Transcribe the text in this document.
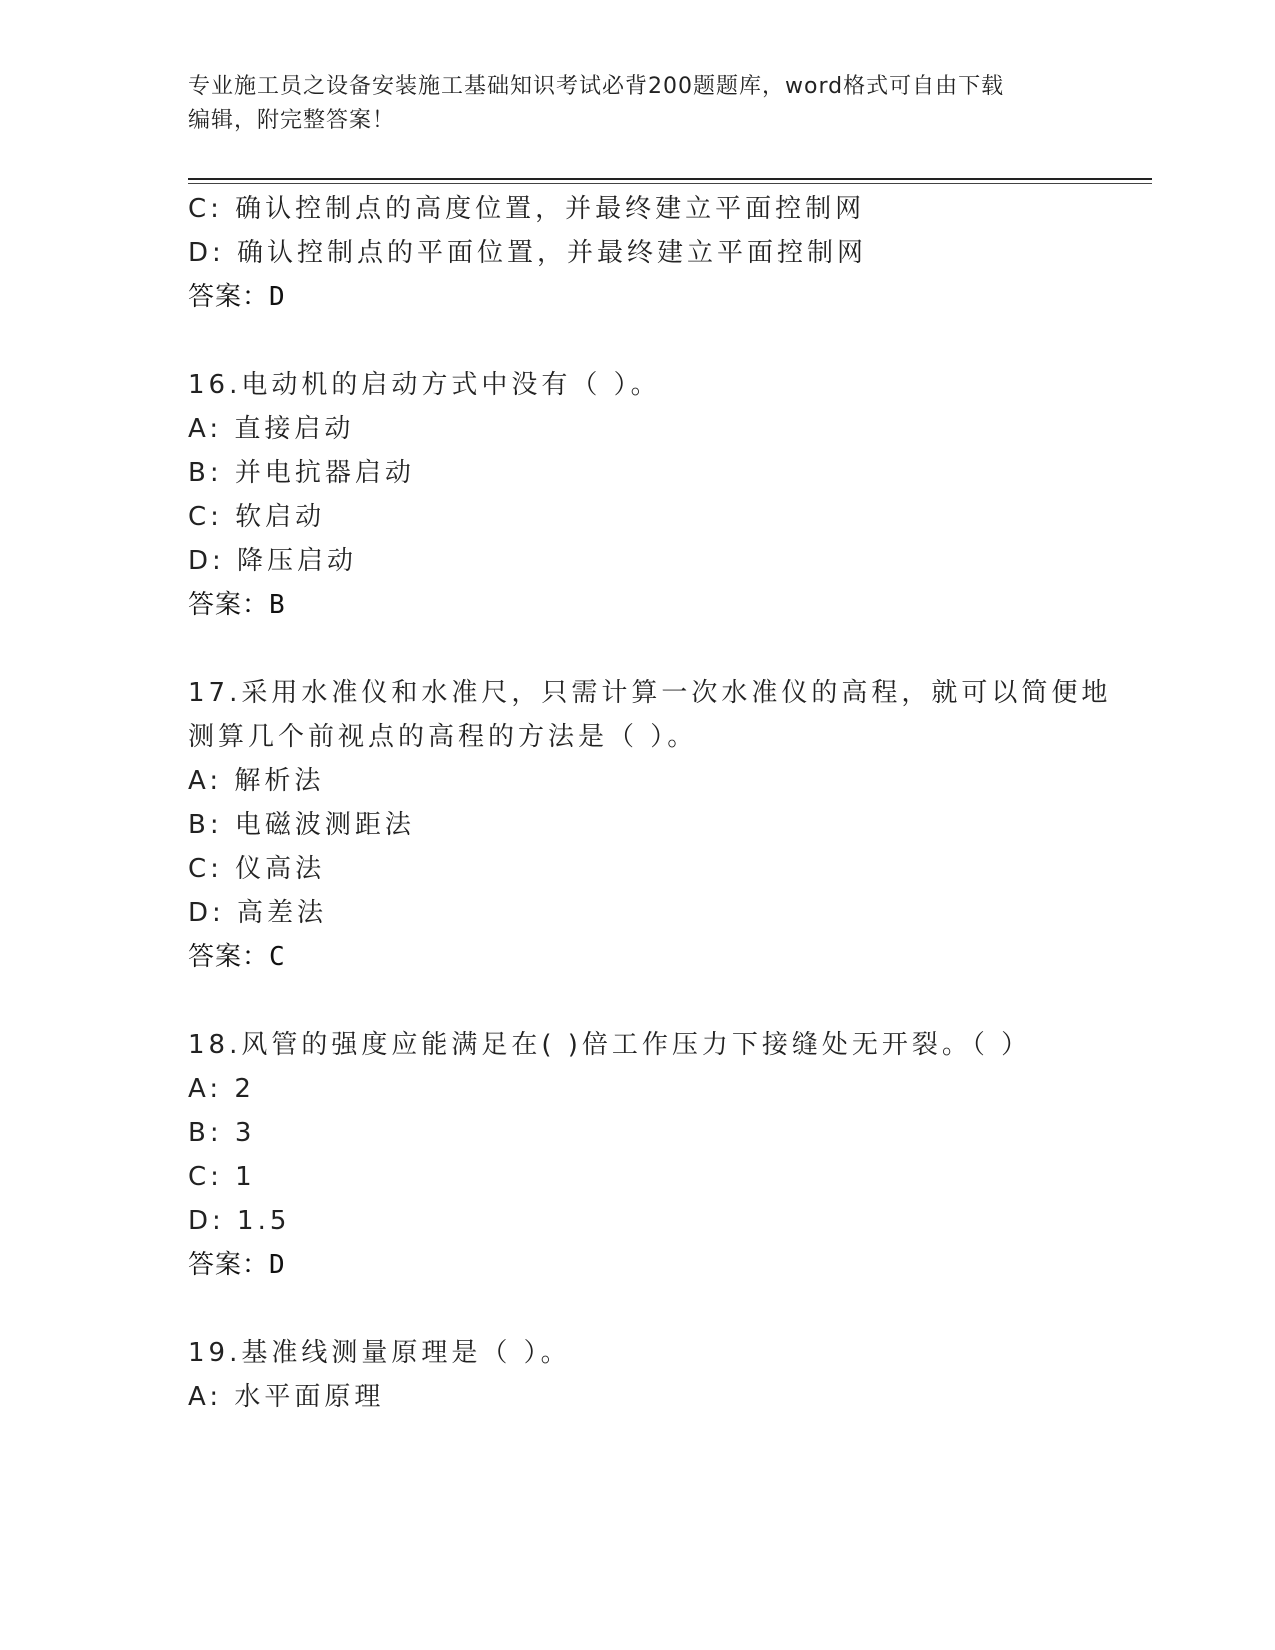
专业施工员之设备安装施工基础知识考试必背200题题库，word格式可自由下载
编辑，附完整答案！
C: 确认控制点的高度位置，并最终建立平面控制网
D: 确认控制点的平面位置，并最终建立平面控制网
答案：D
16.电动机的启动方式中没有（ ）。
A: 直接启动
B: 并电抗器启动
C: 软启动
D: 降压启动
答案：B
17.采用水准仪和水准尺，只需计算一次水准仪的高程，就可以简便地
测算几个前视点的高程的方法是（ ）。
A: 解析法
B: 电磁波测距法
C: 仪高法
D: 高差法
答案：C
18.风管的强度应能满足在( )倍工作压力下接缝处无开裂。（ ）
A: 2
B: 3
C: 1
D: 1.5
答案：D
19.基准线测量原理是（ ）。
A: 水平面原理
